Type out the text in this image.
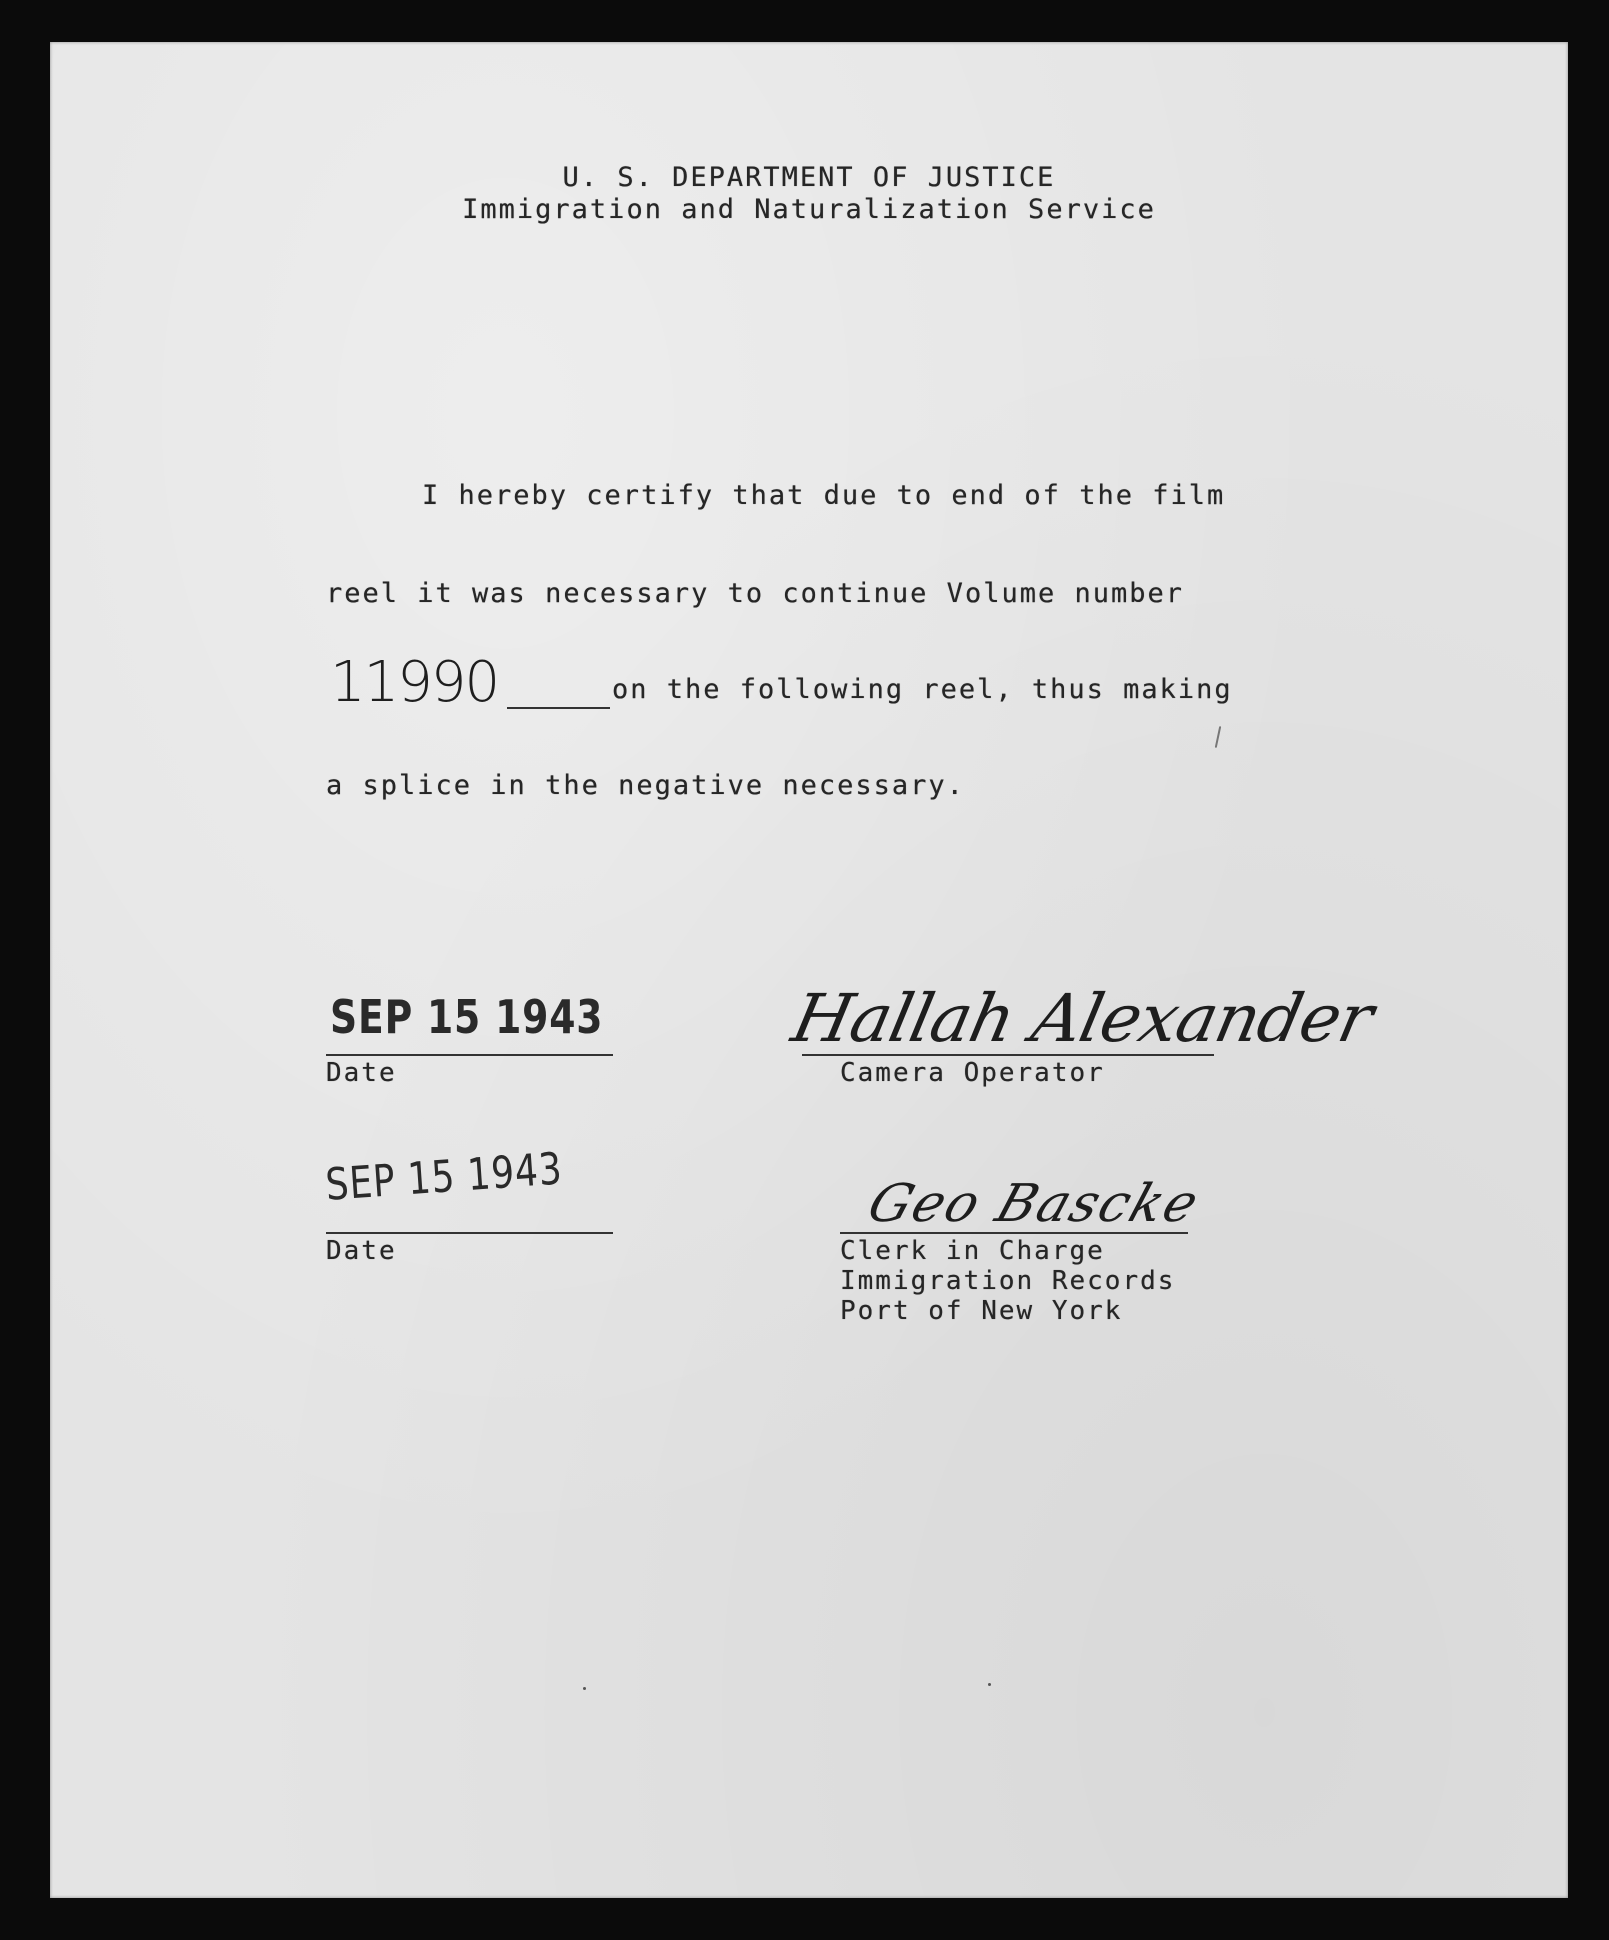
U. S. DEPARTMENT OF JUSTICE
Immigration and Naturalization Service
I hereby certify that due to end of the film
reel it was necessary to continue Volume number
11990	on the following reel, thus making
a splice in the negative necessary.
SEP 15 1943
Date
Hallah Alexander
Camera Operator
SEP 15 1943
Date
Geo Bascke
Clerk in Charge
Immigration Records
Port of New York
